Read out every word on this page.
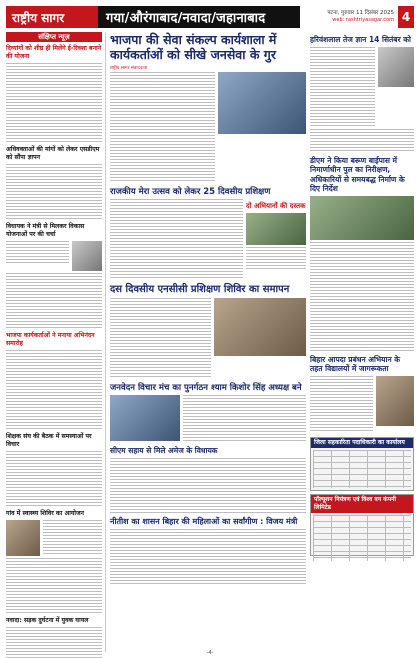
राष्ट्रीय सागर	गया/औरंगाबाद/नवादा/जहानाबाद	पटना, गुरुवार 11 दिसंबर 2025
web: rashtriyasagar.com 4
संक्षिप्त न्यूज़
दिव्यांगों को शीघ्र ही मिलेंगे ई-रिक्शा बनाने की योजना
अधिवक्ताओं की मांगों को लेकर एसडीएम को सौंपा ज्ञापन
विधायक ने मंत्री से मिलकर विकास योजनाओं पर की चर्चा
भाजपा कार्यकर्ताओं ने मनाया अभिनंदन समारोह
शिक्षक संघ की बैठक में समस्याओं पर विचार
गांव में स्वास्थ्य शिविर का आयोजन
नवादा: सड़क दुर्घटना में युवक घायल
भाजपा की सेवा संकल्प कार्यशाला में कार्यकर्ताओं को सीखे जनसेवा के गुर
राष्ट्रीय सागर संवाददाता
राजकीय मेरा उत्सव को लेकर 25 दिवसीय प्रशिक्षण
दो अभियानों की दस्तक
दस दिवसीय एनसीसी प्रशिक्षण शिविर का समापन
जनवेदन विचार मंच का पुनर्गठन श्याम किशोर सिंह अध्यक्ष बने
सीएम सहाय से मिले अमेज के विधायक
नीतीश का शासन बिहार की महिलाओं का सर्वांगीण : विजय मंत्री
हरिवंशलाल तेज ज्ञान 14 सितंबर को
डीएम ने किया बरूण बाईपास में निमार्णाधीन पुल का निरीक्षण, अधिकारियों से समयबद्ध निर्माण के दिए निर्देश
बिहार आपदा प्रबंधन अभियान के तहत विद्यालयों में जागरूकता
जिला सहकारिता पदाधिकारी का कार्यालय
पॉल्यूशन नियंत्रण एवं विश्व वन कंपनी लिमिटेड
-4-
